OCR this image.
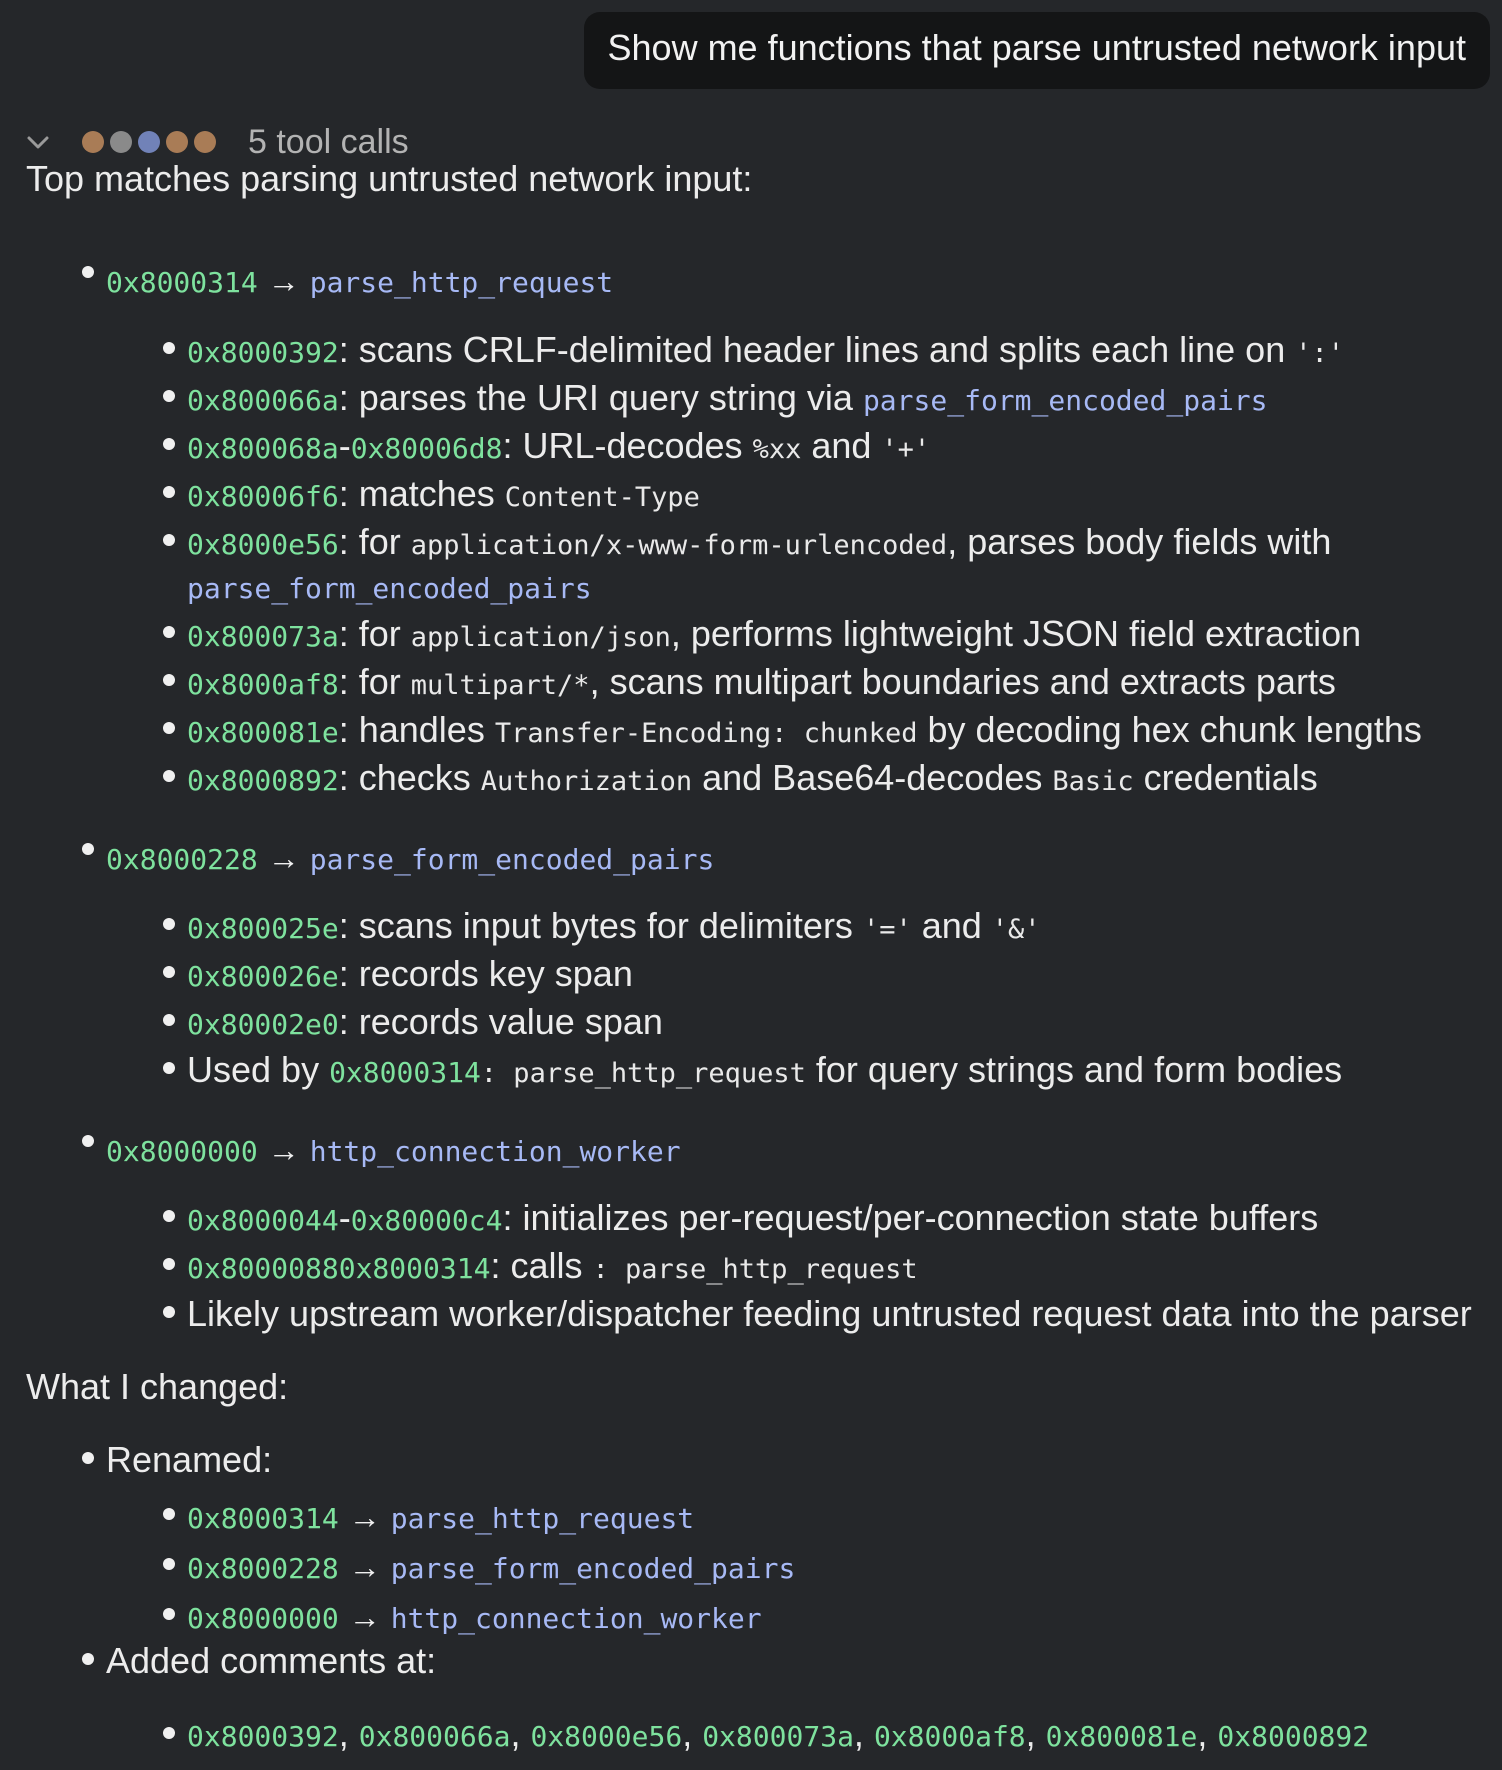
Show me functions that parse untrusted network input
5 tool calls
Top matches parsing untrusted network input:
0x8000314 → parse_http_request
0x8000392: scans CRLF-delimited header lines and splits each line on ':'
0x800066a: parses the URI query string via parse_form_encoded_pairs
0x800068a-0x80006d8: URL-decodes %xx and '+'
0x80006f6: matches Content-Type
0x8000e56: for application/x-www-form-urlencoded, parses body fields with
parse_form_encoded_pairs
0x800073a: for application/json, performs lightweight JSON field extraction
0x8000af8: for multipart/*, scans multipart boundaries and extracts parts
0x800081e: handles Transfer-Encoding: chunked by decoding hex chunk lengths
0x8000892: checks Authorization and Base64-decodes Basic credentials
0x8000228 → parse_form_encoded_pairs
0x800025e: scans input bytes for delimiters '=' and '&'
0x800026e: records key span
0x80002e0: records value span
Used by 0x8000314: parse_http_request for query strings and form bodies
0x8000000 → http_connection_worker
0x8000044-0x80000c4: initializes per-request/per-connection state buffers
0x80000880x8000314: calls : parse_http_request
Likely upstream worker/dispatcher feeding untrusted request data into the parser
What I changed:
Renamed:
0x8000314 → parse_http_request
0x8000228 → parse_form_encoded_pairs
0x8000000 → http_connection_worker
Added comments at:
0x8000392, 0x800066a, 0x8000e56, 0x800073a, 0x8000af8, 0x800081e, 0x8000892
